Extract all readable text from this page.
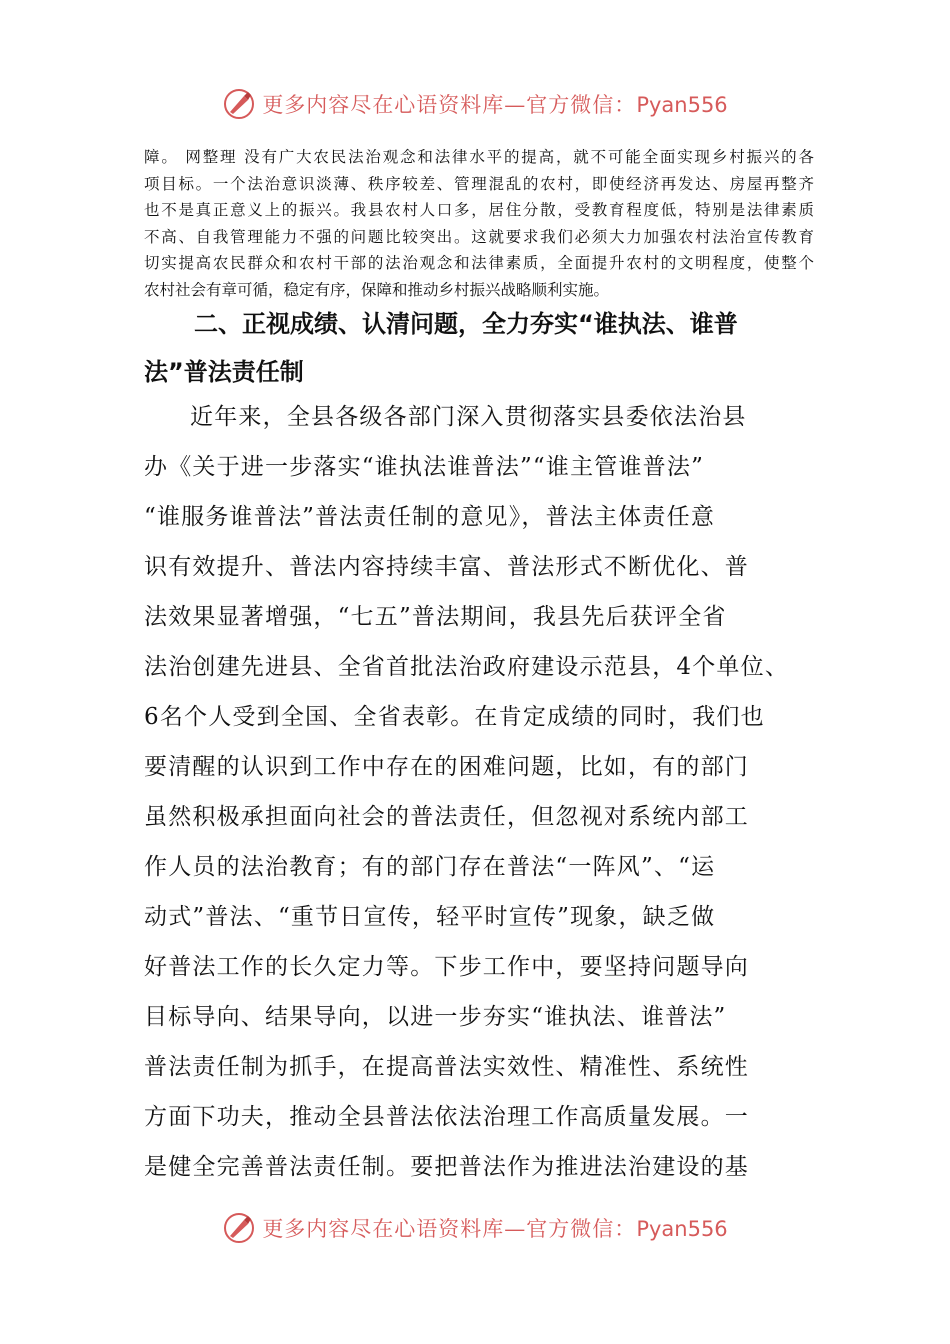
更多内容尽在心语资料库—官方微信：Pyan556
障。 网整理 没有广大农民法治观念和法律水平的提高，就不可能全面实现乡村振兴的各
项目标。一个法治意识淡薄、秩序较差、管理混乱的农村，即使经济再发达、房屋再整齐
也不是真正意义上的振兴。我县农村人口多，居住分散，受教育程度低，特别是法律素质
不高、自我管理能力不强的问题比较突出。这就要求我们必须大力加强农村法治宣传教育
切实提高农民群众和农村干部的法治观念和法律素质，全面提升农村的文明程度，使整个
农村社会有章可循，稳定有序，保障和推动乡村振兴战略顺利实施。
二、正视成绩、认清问题，全力夯实“谁执法、谁普
法”普法责任制
近年来，全县各级各部门深入贯彻落实县委依法治县
办《关于进一步落实“谁执法谁普法”“谁主管谁普法”
“谁服务谁普法”普法责任制的意见》，普法主体责任意
识有效提升、普法内容持续丰富、普法形式不断优化、普
法效果显著增强，“七五”普法期间，我县先后获评全省
法治创建先进县、全省首批法治政府建设示范县，4个单位、
6名个人受到全国、全省表彰。在肯定成绩的同时，我们也
要清醒的认识到工作中存在的困难问题，比如，有的部门
虽然积极承担面向社会的普法责任，但忽视对系统内部工
作人员的法治教育；有的部门存在普法“一阵风”、“运
动式”普法、“重节日宣传，轻平时宣传”现象，缺乏做
好普法工作的长久定力等。下步工作中，要坚持问题导向
目标导向、结果导向，以进一步夯实“谁执法、谁普法”
普法责任制为抓手，在提高普法实效性、精准性、系统性
方面下功夫，推动全县普法依法治理工作高质量发展。一
是健全完善普法责任制。要把普法作为推进法治建设的基
更多内容尽在心语资料库—官方微信：Pyan556
